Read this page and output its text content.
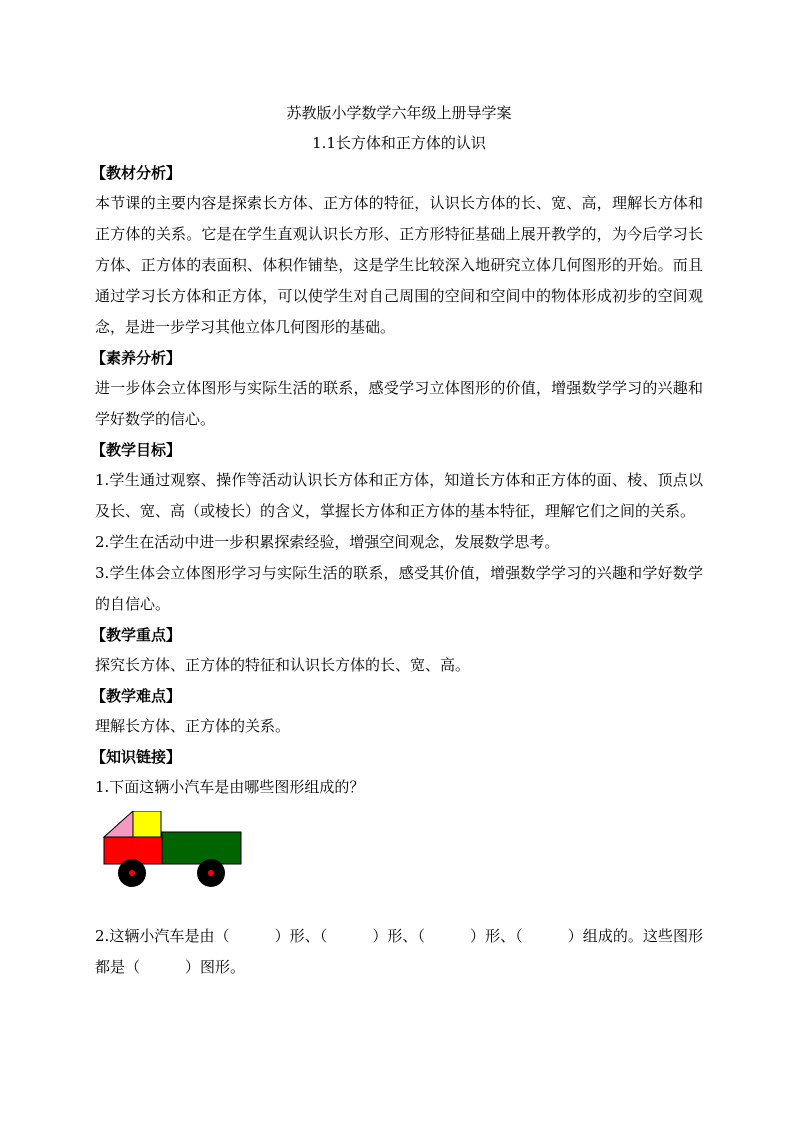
苏教版小学数学六年级上册导学案

1.1长方体和正方体的认识

【教材分析】

本节课的主要内容是探索长方体、正方体的特征，认识长方体的长、宽、高，理解长方体和正方体的关系。它是在学生直观认识长方形、正方形特征基础上展开教学的，为今后学习长方体、正方体的表面积、体积作铺垫，这是学生比较深入地研究立体几何图形的开始。而且通过学习长方体和正方体，可以使学生对自己周围的空间和空间中的物体形成初步的空间观念，是进一步学习其他立体几何图形的基础。

【素养分析】

进一步体会立体图形与实际生活的联系，感受学习立体图形的价值，增强数学学习的兴趣和学好数学的信心。

【教学目标】

1.学生通过观察、操作等活动认识长方体和正方体，知道长方体和正方体的面、棱、顶点以及长、宽、高（或棱长）的含义，掌握长方体和正方体的基本特征，理解它们之间的关系。

2.学生在活动中进一步积累探索经验，增强空间观念，发展数学思考。

3.学生体会立体图形学习与实际生活的联系，感受其价值，增强数学学习的兴趣和学好数学的自信心。

【教学重点】

探究长方体、正方体的特征和认识长方体的长、宽、高。

【教学难点】

理解长方体、正方体的关系。

【知识链接】

1.下面这辆小汽车是由哪些图形组成的？

2.这辆小汽车是由（　　　）形、（　　　）形、（　　　）形、（　　　）组成的。这些图形都是（　　　）图形。
